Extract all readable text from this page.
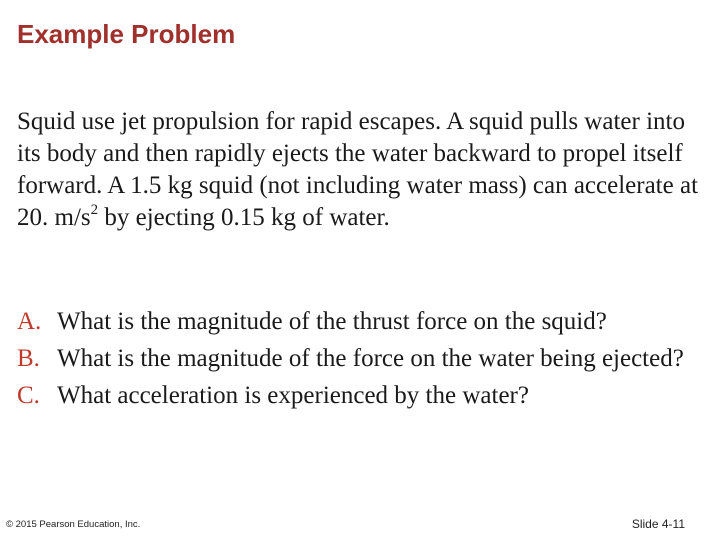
Example Problem

Squid use jet propulsion for rapid escapes. A squid pulls water into its body and then rapidly ejects the water backward to propel itself forward. A 1.5 kg squid (not including water mass) can accelerate at 20. $m/s^2$ by ejecting 0.15 kg of water.

A. What is the magnitude of the thrust force on the squid?
B. What is the magnitude of the force on the water being ejected?
C. What acceleration is experienced by the water?
© 2015 Pearson Education, Inc.	Slide 4-11
